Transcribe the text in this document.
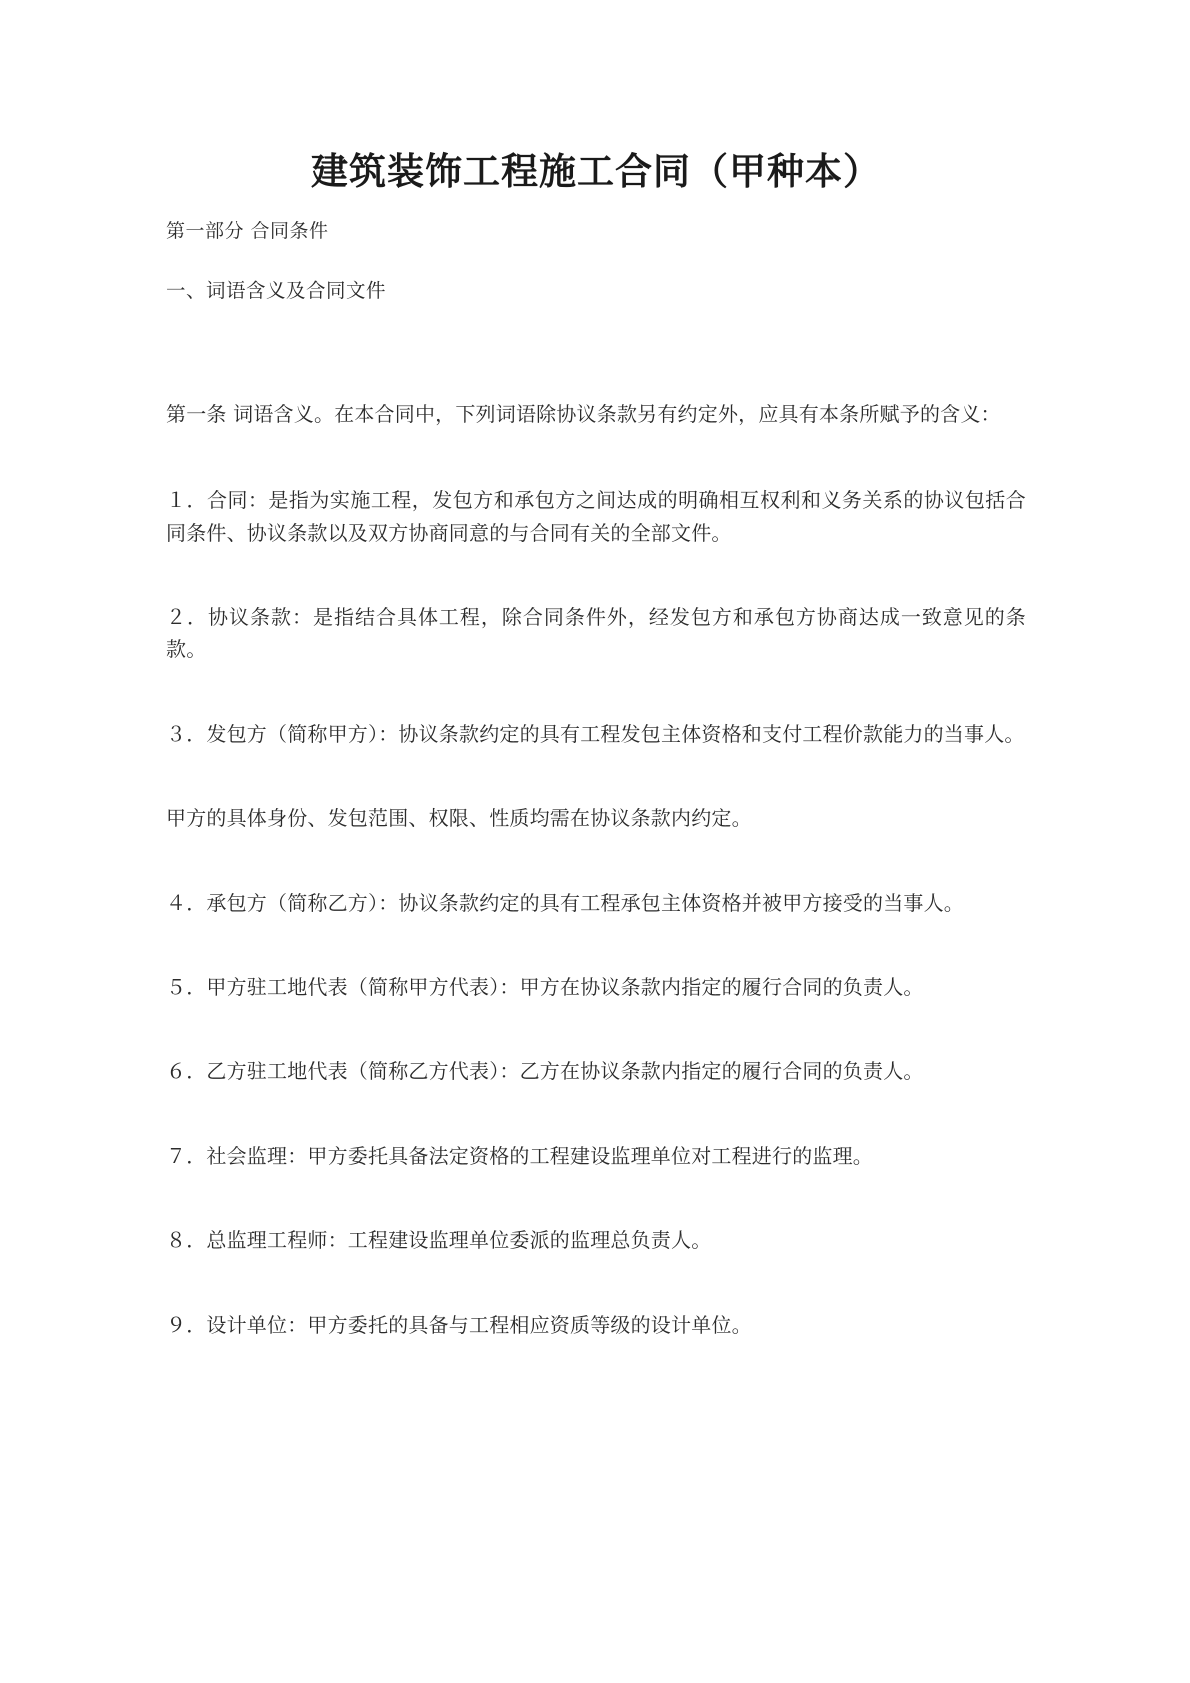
建筑装饰工程施工合同（甲种本）

第一部分 合同条件

一、词语含义及合同文件

第一条 词语含义。在本合同中，下列词语除协议条款另有约定外，应具有本条所赋予的含义：

１．合同：是指为实施工程，发包方和承包方之间达成的明确相互权利和义务关系的协议包括合同条件、协议条款以及双方协商同意的与合同有关的全部文件。

２．协议条款：是指结合具体工程，除合同条件外，经发包方和承包方协商达成一致意见的条款。

３．发包方（简称甲方）：协议条款约定的具有工程发包主体资格和支付工程价款能力的当事人。

甲方的具体身份、发包范围、权限、性质均需在协议条款内约定。

４．承包方（简称乙方）：协议条款约定的具有工程承包主体资格并被甲方接受的当事人。

５．甲方驻工地代表（简称甲方代表）：甲方在协议条款内指定的履行合同的负责人。

６．乙方驻工地代表（简称乙方代表）：乙方在协议条款内指定的履行合同的负责人。

７．社会监理：甲方委托具备法定资格的工程建设监理单位对工程进行的监理。

８．总监理工程师：工程建设监理单位委派的监理总负责人。

９．设计单位：甲方委托的具备与工程相应资质等级的设计单位。
